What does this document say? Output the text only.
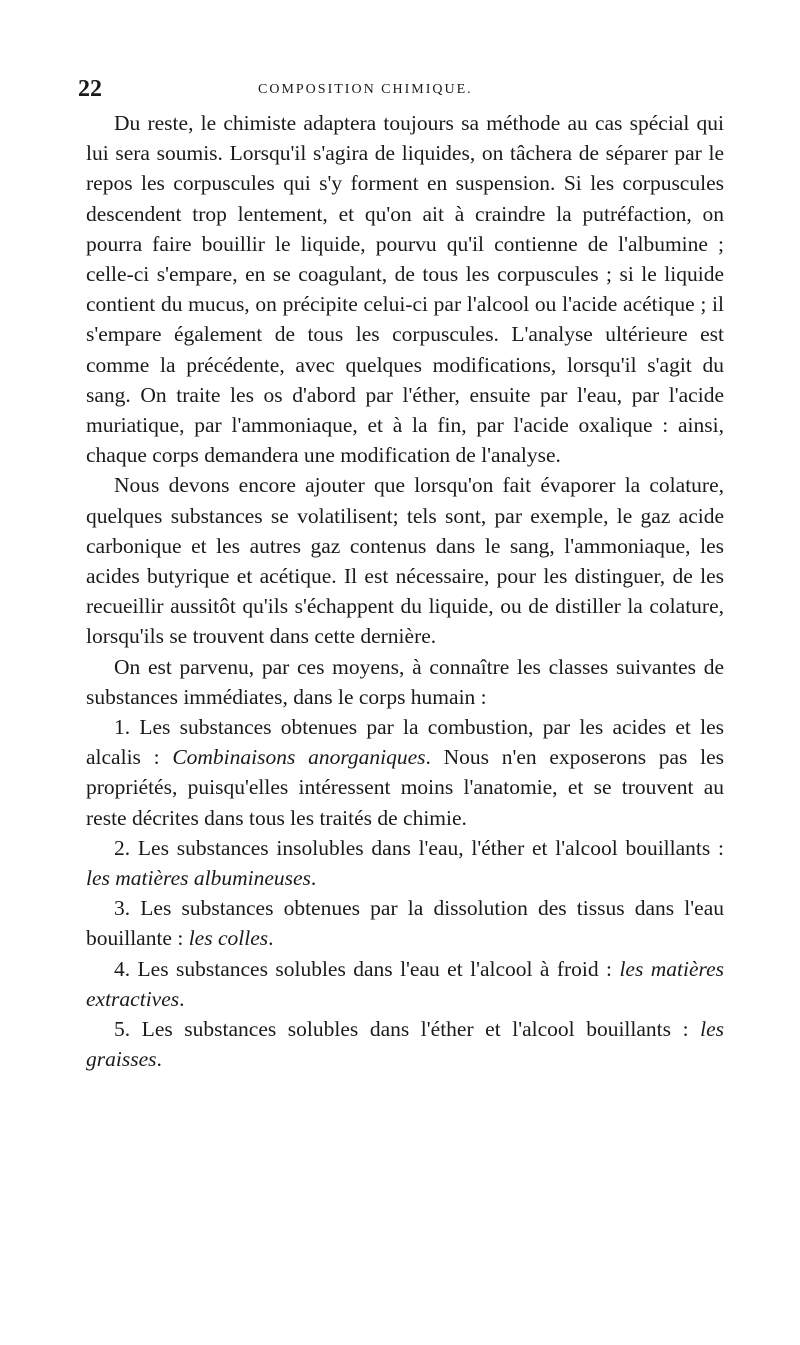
22	COMPOSITION CHIMIQUE.

Du reste, le chimiste adaptera toujours sa méthode au cas spécial qui lui sera soumis. Lorsqu'il s'agira de liquides, on tâchera de séparer par le repos les corpuscules qui s'y forment en suspension. Si les corpuscules descendent trop lentement, et qu'on ait à craindre la putréfaction, on pourra faire bouillir le liquide, pourvu qu'il contienne de l'albumine ; celle-ci s'empare, en se coagulant, de tous les corpuscules ; si le liquide contient du mucus, on précipite celui-ci par l'alcool ou l'acide acétique ; il s'empare également de tous les corpuscules. L'analyse ultérieure est comme la précédente, avec quelques modifications, lorsqu'il s'agit du sang. On traite les os d'abord par l'éther, ensuite par l'eau, par l'acide muriatique, par l'ammoniaque, et à la fin, par l'acide oxalique : ainsi, chaque corps demandera une modification de l'analyse.

Nous devons encore ajouter que lorsqu'on fait évaporer la colature, quelques substances se volatilisent; tels sont, par exemple, le gaz acide carbonique et les autres gaz contenus dans le sang, l'ammoniaque, les acides butyrique et acétique. Il est nécessaire, pour les distinguer, de les recueillir aussitôt qu'ils s'échappent du liquide, ou de distiller la colature, lorsqu'ils se trouvent dans cette dernière.

On est parvenu, par ces moyens, à connaître les classes suivantes de substances immédiates, dans le corps humain :

1. Les substances obtenues par la combustion, par les acides et les alcalis : Combinaisons anorganiques. Nous n'en exposerons pas les propriétés, puisqu'elles intéressent moins l'anatomie, et se trouvent au reste décrites dans tous les traités de chimie.

2. Les substances insolubles dans l'eau, l'éther et l'alcool bouillants : les matières albumineuses.

3. Les substances obtenues par la dissolution des tissus dans l'eau bouillante : les colles.

4. Les substances solubles dans l'eau et l'alcool à froid : les matières extractives.

5. Les substances solubles dans l'éther et l'alcool bouillants : les graisses.
